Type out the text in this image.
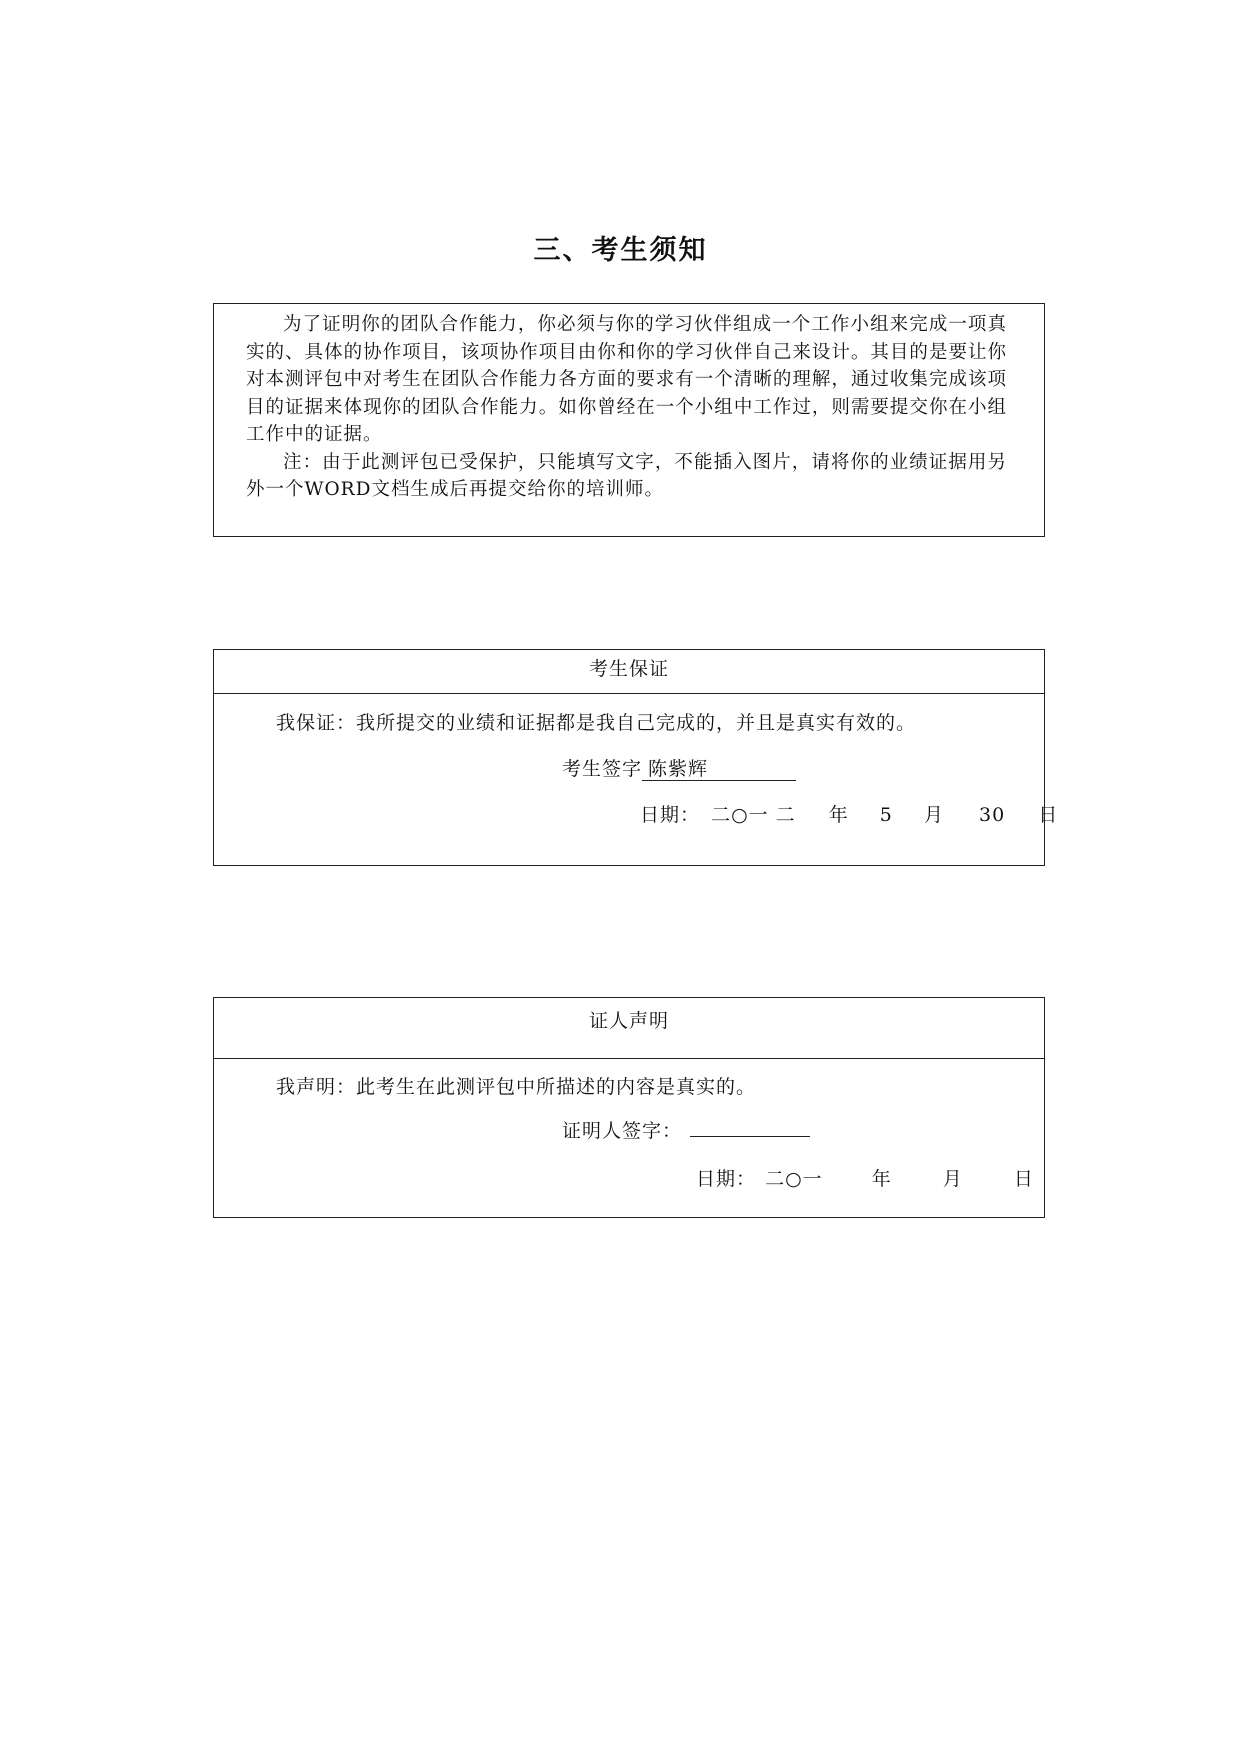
三、考生须知

为了证明你的团队合作能力，你必须与你的学习伙伴组成一个工作小组来完成一项真实的、具体的协作项目，该项协作项目由你和你的学习伙伴自己来设计。其目的是要让你对本测评包中对考生在团队合作能力各方面的要求有一个清晰的理解，通过收集完成该项目的证据来体现你的团队合作能力。如你曾经在一个小组中工作过，则需要提交你在小组工作中的证据。

注：由于此测评包已受保护，只能填写文字，不能插入图片，请将你的业绩证据用另外一个WORD文档生成后再提交给你的培训师。

考生保证
我保证：我所提交的业绩和证据都是我自己完成的，并且是真实有效的。
考生签字 陈紫辉
日期： 二○一 二 年 5 月 30 日
证人声明
我声明：此考生在此测评包中所描述的内容是真实的。
证明人签字：
日期： 二○一	年	月	日
